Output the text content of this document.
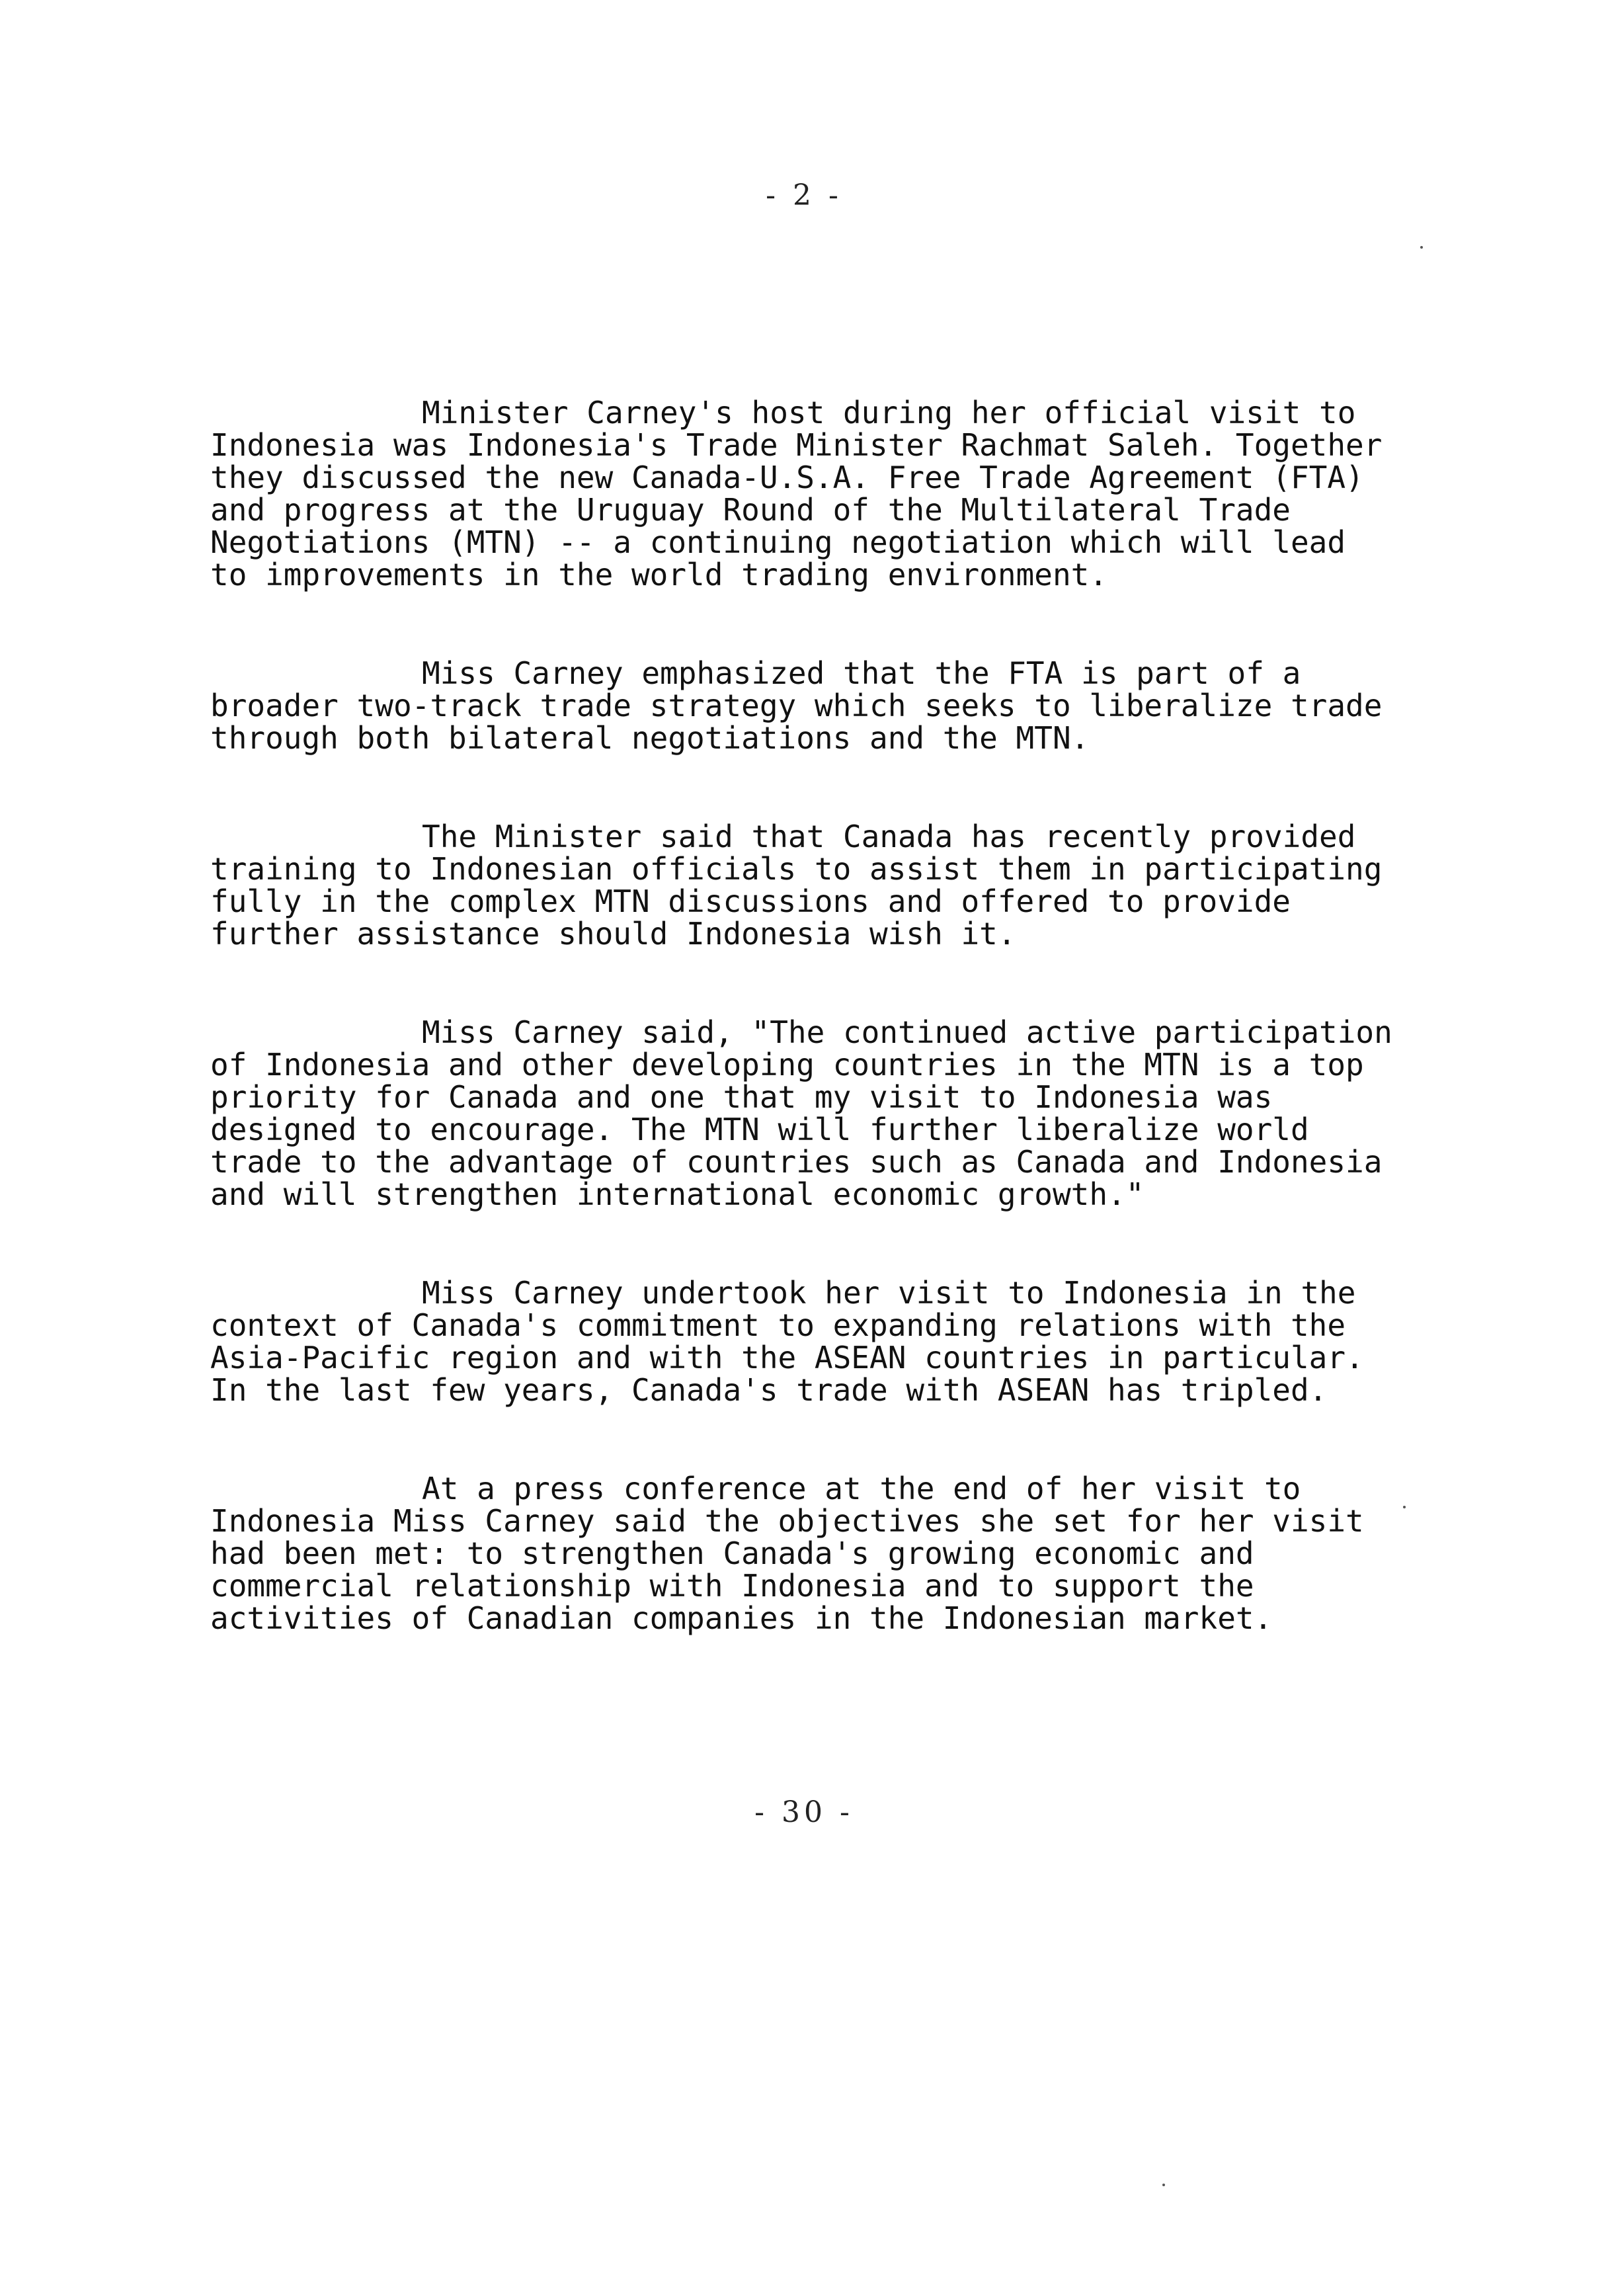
- 2 -

Minister Carney's host during her official visit to Indonesia was Indonesia's Trade Minister Rachmat Saleh. Together they discussed the new Canada-U.S.A. Free Trade Agreement (FTA) and progress at the Uruguay Round of the Multilateral Trade Negotiations (MTN) -- a continuing negotiation which will lead to improvements in the world trading environment.

Miss Carney emphasized that the FTA is part of a broader two-track trade strategy which seeks to liberalize trade through both bilateral negotiations and the MTN.

The Minister said that Canada has recently provided training to Indonesian officials to assist them in participating fully in the complex MTN discussions and offered to provide further assistance should Indonesia wish it.

Miss Carney said, "The continued active participation of Indonesia and other developing countries in the MTN is a top priority for Canada and one that my visit to Indonesia was designed to encourage. The MTN will further liberalize world trade to the advantage of countries such as Canada and Indonesia and will strengthen international economic growth."

Miss Carney undertook her visit to Indonesia in the context of Canada's commitment to expanding relations with the Asia-Pacific region and with the ASEAN countries in particular. In the last few years, Canada's trade with ASEAN has tripled.

At a press conference at the end of her visit to Indonesia Miss Carney said the objectives she set for her visit had been met: to strengthen Canada's growing economic and commercial relationship with Indonesia and to support the activities of Canadian companies in the Indonesian market.

- 30 -
